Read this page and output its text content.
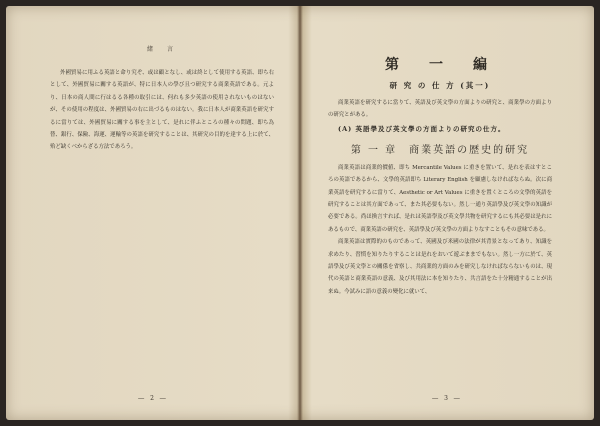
緒　言

外國貿易に用ふる英語と命り究ぞ、或は顧となし、或は終として使用する英語、即ち右として、外國貿易に關する英語が、特に日本人の學び且つ研究する商業英語である。元より、日本の商人間に行はるる各種の取引には、何れも多少英語の使用されないものはないが、その使用の程度は、外國貿易の右に出づるものはない。我に日本人が商業英語を研究するに當りては、外國貿易に關する事を主として、是れに伴ふところの種々の問題、即ち為替、銀行、保險、海運、運輸等の英語を研究することは、其研究の目的を達する上に於て、殆ど缺くべからざる方法であろう。

― 2 ―
第　一　編
研 究 の 仕 方 (其一)

商業英語を研究するに當りて、英語及び英文學の方面よりの研究と、商業學の方面よりの研究とがある。

(A) 英語學及び英文學の方面よりの研究の仕方。
第 一 章　商業英語の歴史的研究

商業英語は商業的價値、即ち Mercantile Values に重きを置いて、是れを表はすところの英語であるから、文學的英語即ち Literary English を顧慮しなければならぬ。次に商業英語を研究するに當りて、Aesthetic or Art Values に重きを置くところの文學的英語を研究することは其方面であって、また其必要もない。然し一通り英語學及び英文學の知識が必要である。尚ほ換言すれば、是れは英語學及び英文學共物を研究するにも其必要は是れにあるもので、商業英語の研究を、英語學及び英文學の方面よりなすこともその意味である。

商業英語は實際的のものであって、英國及び米國の法律が其背景となってあり、知識を求めたり、習慣を知りたりすることは是れをおいて遊ぶままでもない。然し一方に於て、英語學及び英文學との關係を省察し、共商業的方面のみを研究しなければならないものは、現代の英語と商業英語の意義、及び其用法に本を知りたり、共言語をた十分精通することが出来ぬ。今試みに語の意義の變化に就いて、

― 3 ―
